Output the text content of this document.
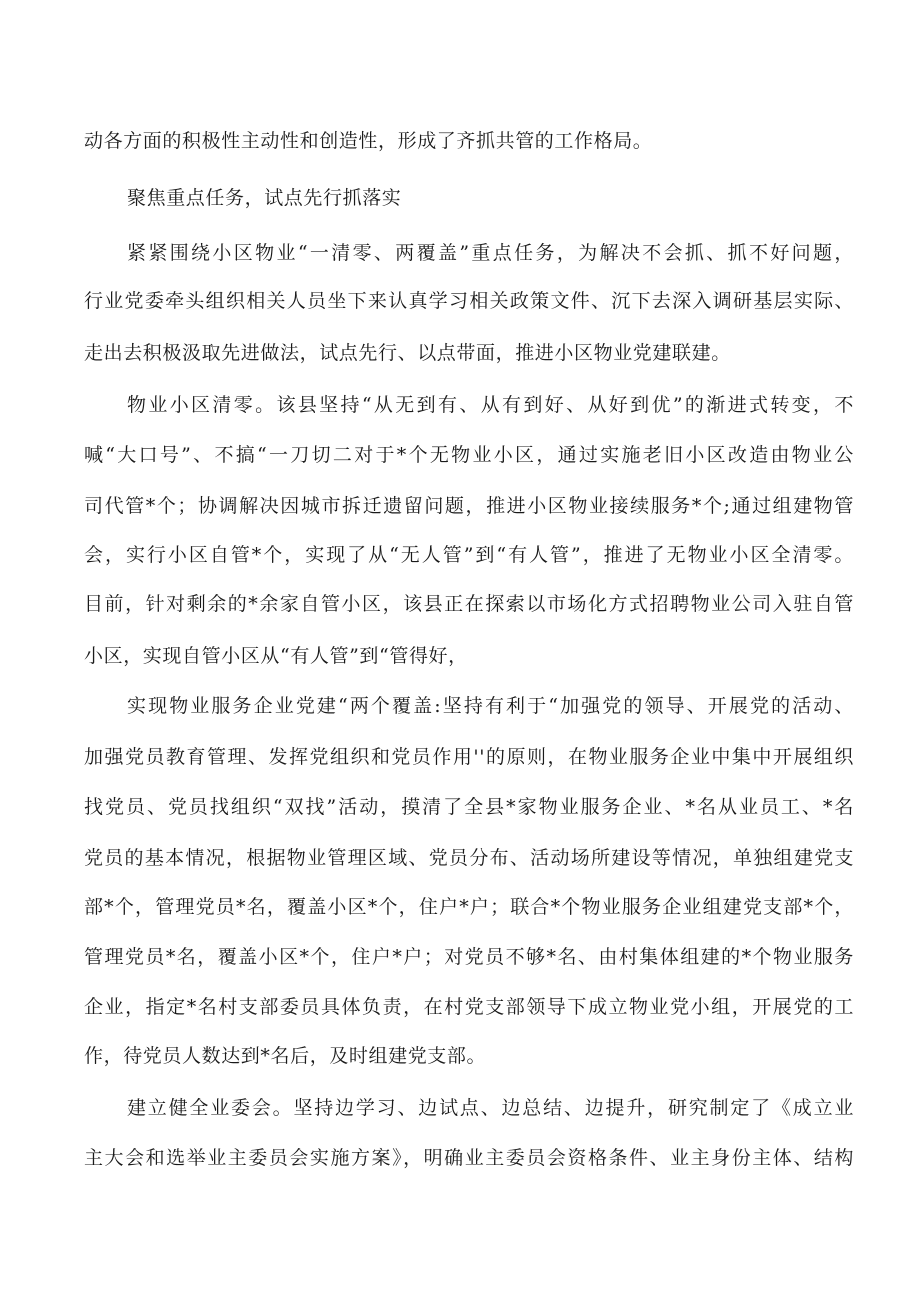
动各方面的积极性主动性和创造性，形成了齐抓共管的工作格局。
聚焦重点任务，试点先行抓落实
紧紧围绕小区物业“一清零、两覆盖”重点任务，为解决不会抓、抓不好问题，
行业党委牵头组织相关人员坐下来认真学习相关政策文件、沉下去深入调研基层实际、
走出去积极汲取先进做法，试点先行、以点带面，推进小区物业党建联建。
物业小区清零。该县坚持“从无到有、从有到好、从好到优”的渐进式转变，不
喊“大口号”、不搞“一刀切二对于*个无物业小区，通过实施老旧小区改造由物业公
司代管*个；协调解决因城市拆迁遗留问题，推进小区物业接续服务*个;通过组建物管
会，实行小区自管*个，实现了从“无人管”到“有人管”，推进了无物业小区全清零。
目前，针对剩余的*余家自管小区，该县正在探索以市场化方式招聘物业公司入驻自管
小区，实现自管小区从“有人管”到“管得好，
实现物业服务企业党建“两个覆盖:坚持有利于“加强党的领导、开展党的活动、
加强党员教育管理、发挥党组织和党员作用''的原则，在物业服务企业中集中开展组织
找党员、党员找组织“双找”活动，摸清了全县*家物业服务企业、*名从业员工、*名
党员的基本情况，根据物业管理区域、党员分布、活动场所建设等情况，单独组建党支
部*个，管理党员*名，覆盖小区*个，住户*户；联合*个物业服务企业组建党支部*个，
管理党员*名，覆盖小区*个，住户*户；对党员不够*名、由村集体组建的*个物业服务
企业，指定*名村支部委员具体负责，在村党支部领导下成立物业党小组，开展党的工
作，待党员人数达到*名后，及时组建党支部。
建立健全业委会。坚持边学习、边试点、边总结、边提升，研究制定了《成立业
主大会和选举业主委员会实施方案》，明确业主委员会资格条件、业主身份主体、结构
